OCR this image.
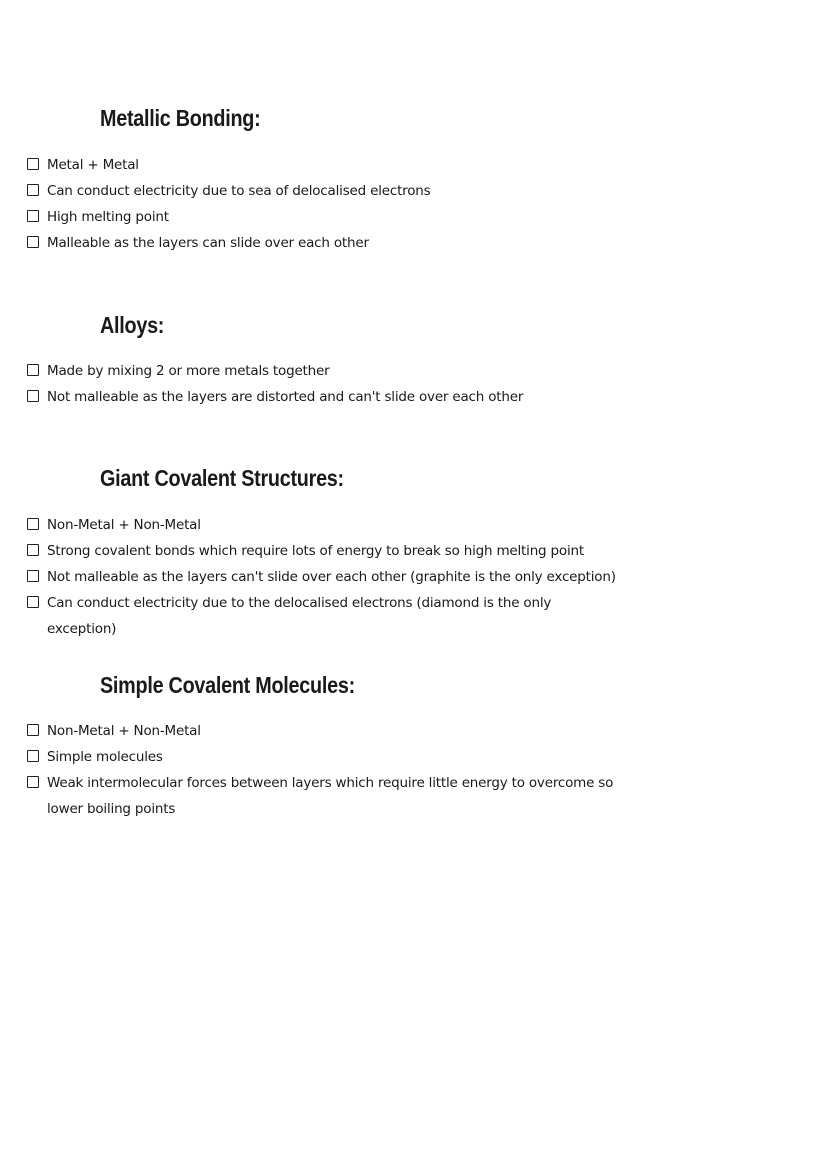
Metallic Bonding:
Metal + Metal
Can conduct electricity due to sea of delocalised electrons
High melting point
Malleable as the layers can slide over each other
Alloys:
Made by mixing 2 or more metals together
Not malleable as the layers are distorted and can't slide over each other
Giant Covalent Structures:
Non-Metal + Non-Metal
Strong covalent bonds which require lots of energy to break so high melting point
Not malleable as the layers can't slide over each other (graphite is the only exception)
Can conduct electricity due to the delocalised electrons (diamond is the only exception)
Simple Covalent Molecules:
Non-Metal + Non-Metal
Simple molecules
Weak intermolecular forces between layers which require little energy to overcome so lower boiling points
